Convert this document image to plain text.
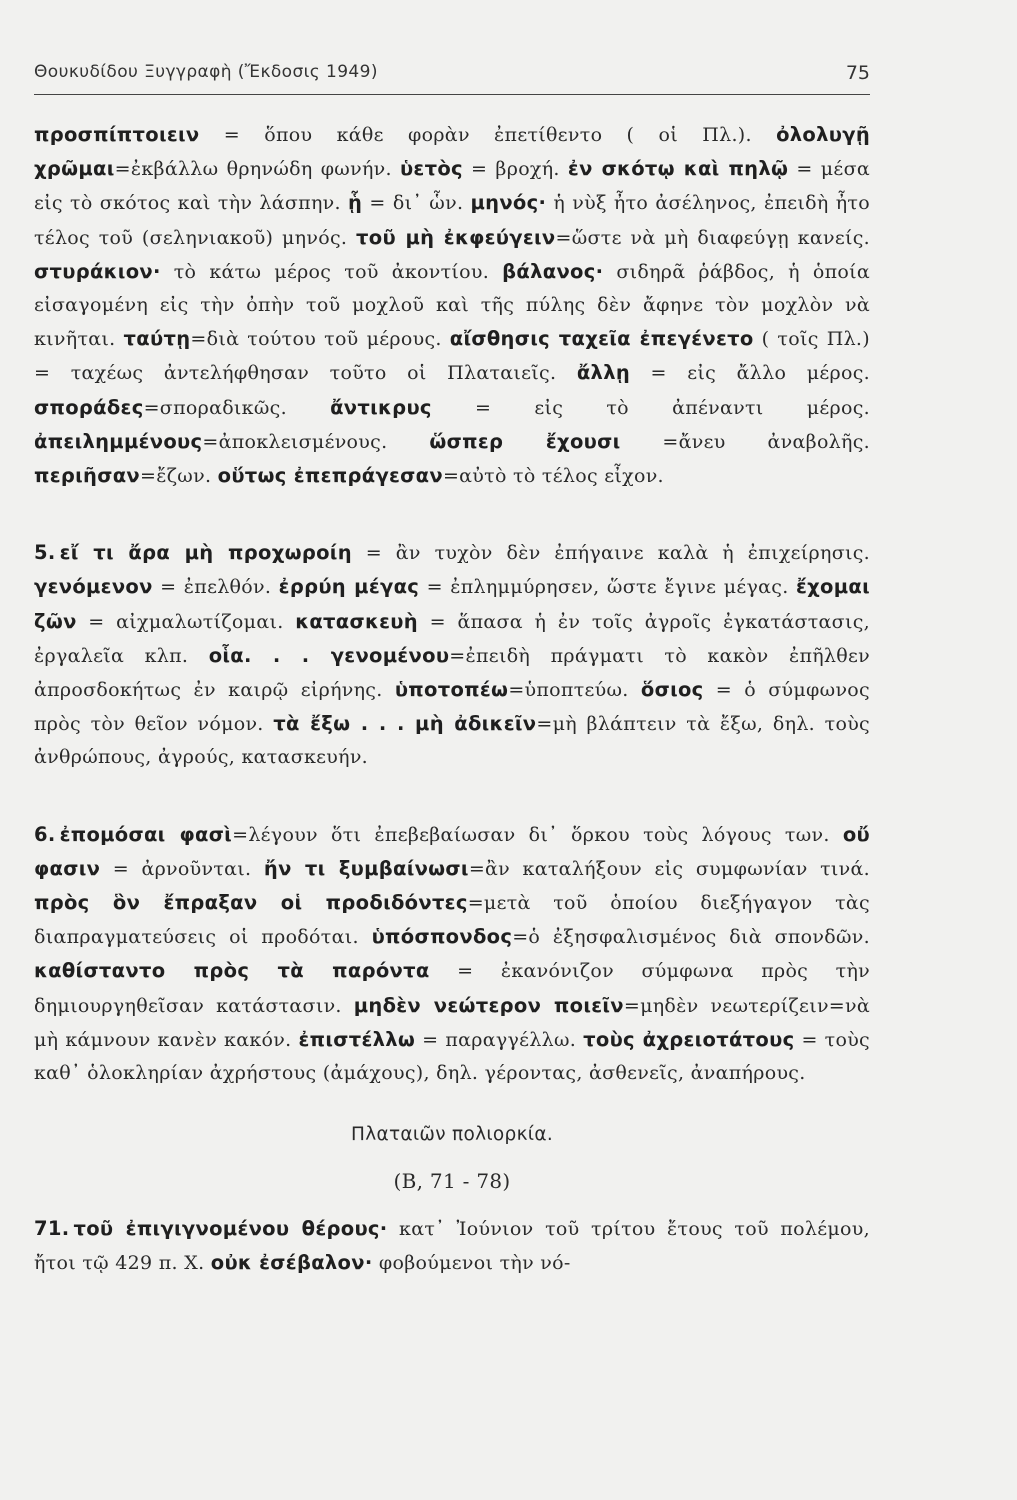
Θουκυδίδου Ξυγγραφὴ (Ἔκδοσις 1949)	75

προσπίπτοιειν = ὅπου κάθε φορὰν ἐπετίθεντο ( οἱ Πλ.). ὀλολυγῇ χρῶμαι=ἐκβάλλω θρηνώδη φωνήν. ὑετὸς = βροχή. ἐν σκότῳ καὶ πηλῷ = μέσα εἰς τὸ σκότος καὶ τὴν λάσπην. ᾗ = δι᾽ ὧν. μηνός· ἡ νὺξ ἦτο ἀσέληνος, ἐπειδὴ ἦτο τέλος τοῦ (σεληνιακοῦ) μηνός. τοῦ μὴ ἐκφεύγειν=ὥστε νὰ μὴ διαφεύγῃ κανείς. στυράκιον· τὸ κάτω μέρος τοῦ ἀκοντίου. βάλανος· σιδηρᾶ ῥάβδος, ἡ ὁποία εἰσαγομένη εἰς τὴν ὀπὴν τοῦ μοχλοῦ καὶ τῆς πύλης δὲν ἄφηνε τὸν μοχλὸν νὰ κινῆται. ταύτῃ=διὰ τούτου τοῦ μέρους. αἴσθησις ταχεῖα ἐπεγένετο ( τοῖς Πλ.) = ταχέως ἀντελήφθησαν τοῦτο οἱ Πλαταιεῖς. ἄλλῃ = εἰς ἄλλο μέρος. σποράδες=σποραδικῶς. ἄντικρυς = εἰς τὸ ἀπέναντι μέρος. ἀπειλημμένους=ἀποκλεισμένους. ὥσπερ ἔχουσι =ἄνευ ἀναβολῆς. περιῆσαν=ἔζων. οὕτως ἐπεπράγεσαν=αὐτὸ τὸ τέλος εἶχον.

5. εἴ τι ἄρα μὴ προχωροίη = ἂν τυχὸν δὲν ἐπήγαινε καλὰ ἡ ἐπιχείρησις. γενόμενον = ἐπελθόν. ἐρρύη μέγας = ἐπλημμύρησεν, ὥστε ἔγινε μέγας. ἔχομαι ζῶν = αἰχμαλωτίζομαι. κατασκευὴ = ἅπασα ἡ ἐν τοῖς ἀγροῖς ἐγκατάστασις, ἐργαλεῖα κλπ. οἷα. . . γενομένου=ἐπειδὴ πράγματι τὸ κακὸν ἐπῆλθεν ἀπροσδοκήτως ἐν καιρῷ εἰρήνης. ὑποτοπέω=ὑποπτεύω. ὅσιος = ὁ σύμφωνος πρὸς τὸν θεῖον νόμον. τὰ ἔξω . . . μὴ ἀδικεῖν=μὴ βλάπτειν τὰ ἔξω, δηλ. τοὺς ἀνθρώπους, ἀγρούς, κατασκευήν.

6. ἐπομόσαι φασὶ=λέγουν ὅτι ἐπεβεβαίωσαν δι᾽ ὅρκου τοὺς λόγους των. οὔ φασιν = ἀρνοῦνται. ἤν τι ξυμβαίνωσι=ἂν καταλήξουν εἰς συμφωνίαν τινά. πρὸς ὃν ἔπραξαν οἱ προδιδόντες=μετὰ τοῦ ὁποίου διεξήγαγον τὰς διαπραγματεύσεις οἱ προδόται. ὑπόσπονδος=ὁ ἐξησφαλισμένος διὰ σπονδῶν. καθίσταντο πρὸς τὰ παρόντα = ἐκανόνιζον σύμφωνα πρὸς τὴν δημιουργηθεῖσαν κατάστασιν. μηδὲν νεώτερον ποιεῖν=μηδὲν νεωτερίζειν=νὰ μὴ κάμνουν κανὲν κακόν. ἐπιστέλλω = παραγγέλλω. τοὺς ἀχρειοτάτους = τοὺς καθ᾽ ὁλοκληρίαν ἀχρήστους (ἀμάχους), δηλ. γέροντας, ἀσθενεῖς, ἀναπήρους.

Πλαταιῶν πολιορκία.
(Β, 71 - 78)

71. τοῦ ἐπιγιγνομένου θέρους· κατ᾽ Ἰούνιον τοῦ τρίτου ἔτους τοῦ πολέμου, ἤτοι τῷ 429 π. Χ. οὐκ ἐσέβαλον· φοβούμενοι τὴν νό-
